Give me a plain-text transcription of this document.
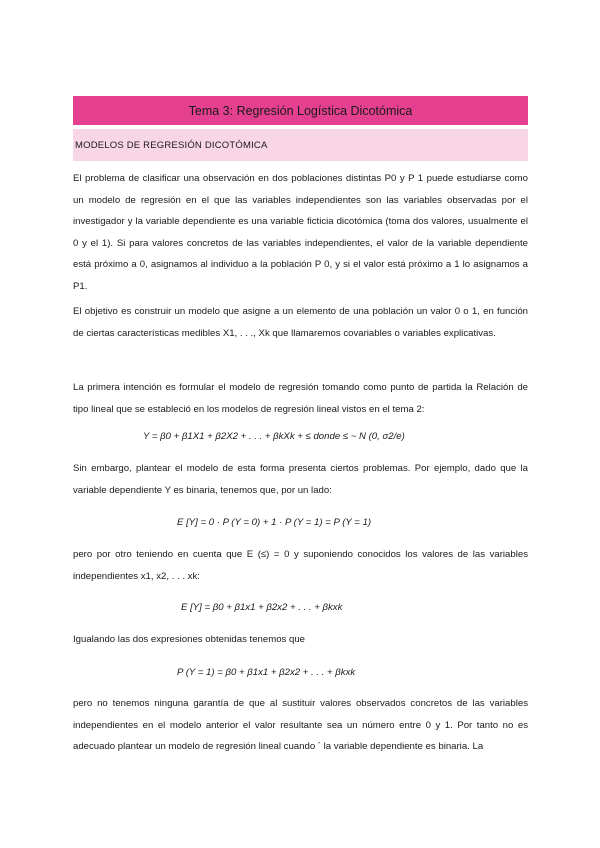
Tema 3: Regresión Logística Dicotómica
MODELOS DE REGRESIÓN DICOTÓMICA
El problema de clasificar una observación en dos poblaciones distintas P0 y P 1 puede estudiarse como un modelo de regresión en el que las variables independientes son las variables observadas por el investigador y la variable dependiente es una variable ficticia dicotómica (toma dos valores, usualmente el 0 y el 1). Si para valores concretos de las variables independientes, el valor de la variable dependiente está próximo a 0, asignamos al individuo a la población P 0, y si el valor está próximo a 1 lo asignamos a P1.
El objetivo es construir un modelo que asigne a un elemento de una población un valor 0 o 1, en función de ciertas características medibles X1, . . ., Xk que llamaremos covariables o variables explicativas.
La primera intención es formular el modelo de regresión tomando como punto de partida la Relación de tipo lineal que se estableció en los modelos de regresión lineal vistos en el tema 2:
Y = β0 + β1X1 + β2X2 + . . . + βkXk + ≤ donde ≤ ~ N (0, σ2/e)
Sin embargo, plantear el modelo de esta forma presenta ciertos problemas. Por ejemplo, dado que la variable dependiente Y es binaria, tenemos que, por un lado:
E [Y] = 0 · P (Y = 0) + 1 · P (Y = 1) = P (Y = 1)
pero por otro teniendo en cuenta que E (≤) = 0 y suponiendo conocidos los valores de las variables independientes x1, x2, . . . xk:
E [Y] = β0 + β1x1 + β2x2 + . . . + βkxk
Igualando las dos expresiones obtenidas tenemos que
P (Y = 1) = β0 + β1x1 + β2x2 + . . . + βkxk
pero no tenemos ninguna garantía de que al sustituir valores observados concretos de las variables independientes en el modelo anterior el valor resultante sea un número entre 0 y 1. Por tanto no es adecuado plantear un modelo de regresión lineal cuando ´ la variable dependiente es binaria. La
